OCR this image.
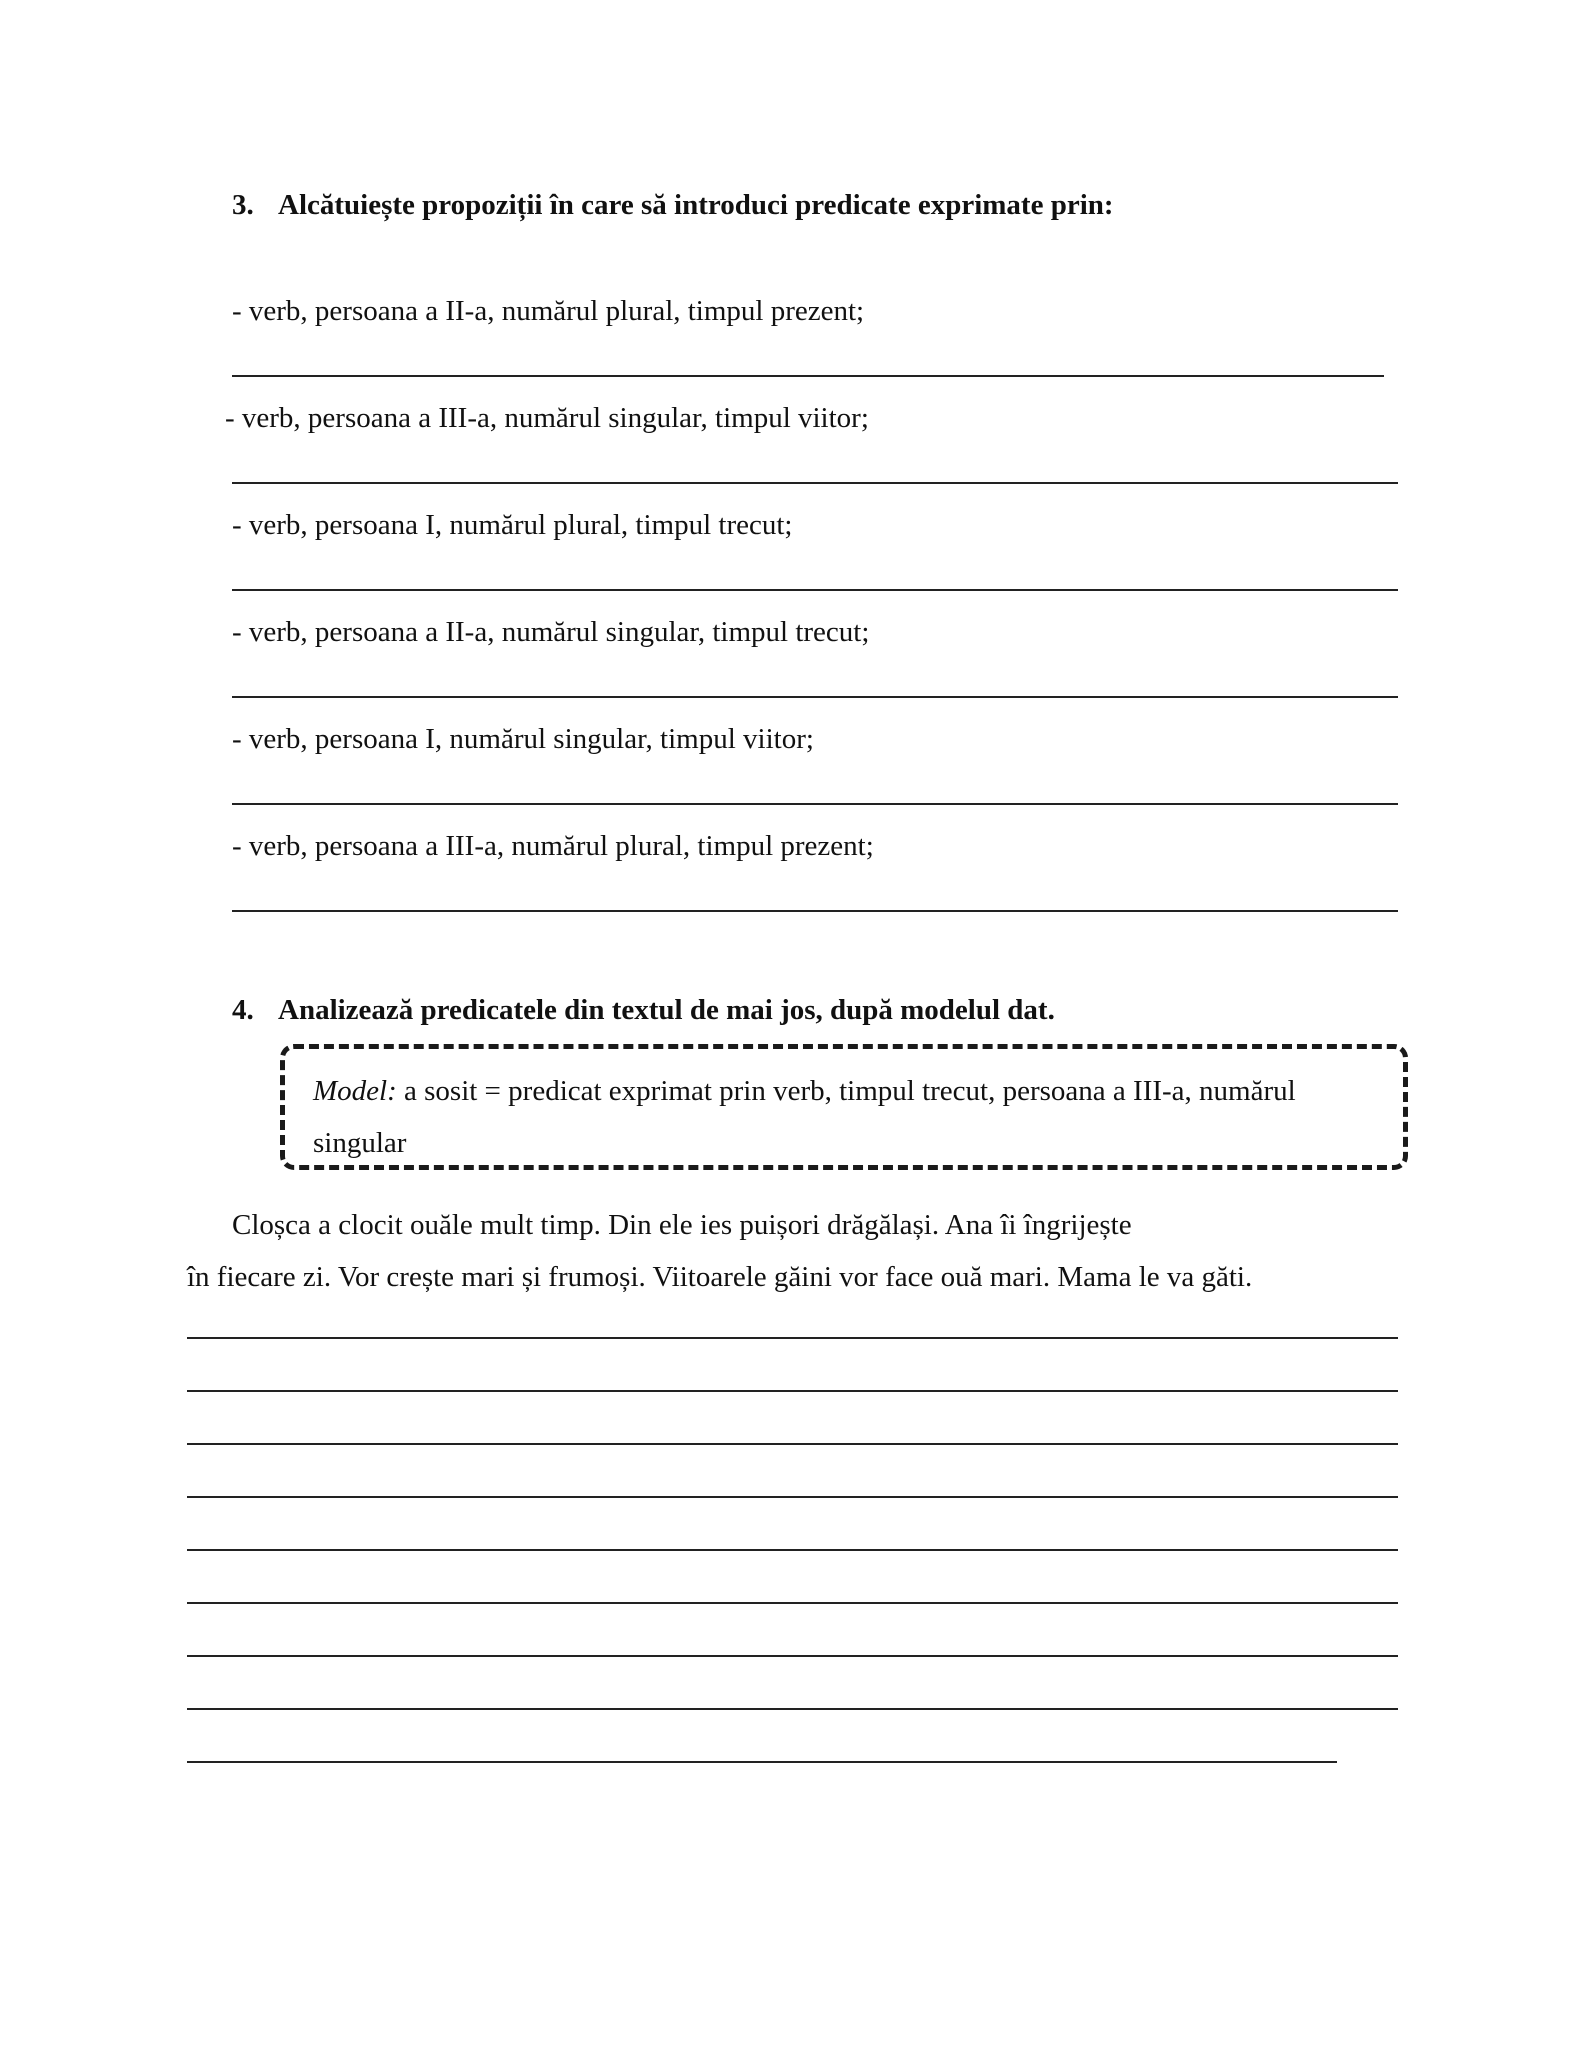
3. Alcătuiește propoziții în care să introduci predicate exprimate prin:
- verb, persoana a II-a, numărul plural, timpul prezent;
- verb, persoana a III-a, numărul singular, timpul viitor;
- verb, persoana I, numărul plural, timpul trecut;
- verb, persoana a II-a, numărul singular, timpul trecut;
- verb, persoana I, numărul singular, timpul viitor;
- verb, persoana a III-a, numărul plural, timpul prezent;
4. Analizează predicatele din textul de mai jos, după modelul dat.
Model: a sosit = predicat exprimat prin verb, timpul trecut, persoana a III-a, numărul singular
Cloșca a clocit ouăle mult timp. Din ele ies puișori drăgălași. Ana îi îngrijește
în fiecare zi. Vor crește mari și frumoși. Viitoarele găini vor face ouă mari. Mama le va găti.
